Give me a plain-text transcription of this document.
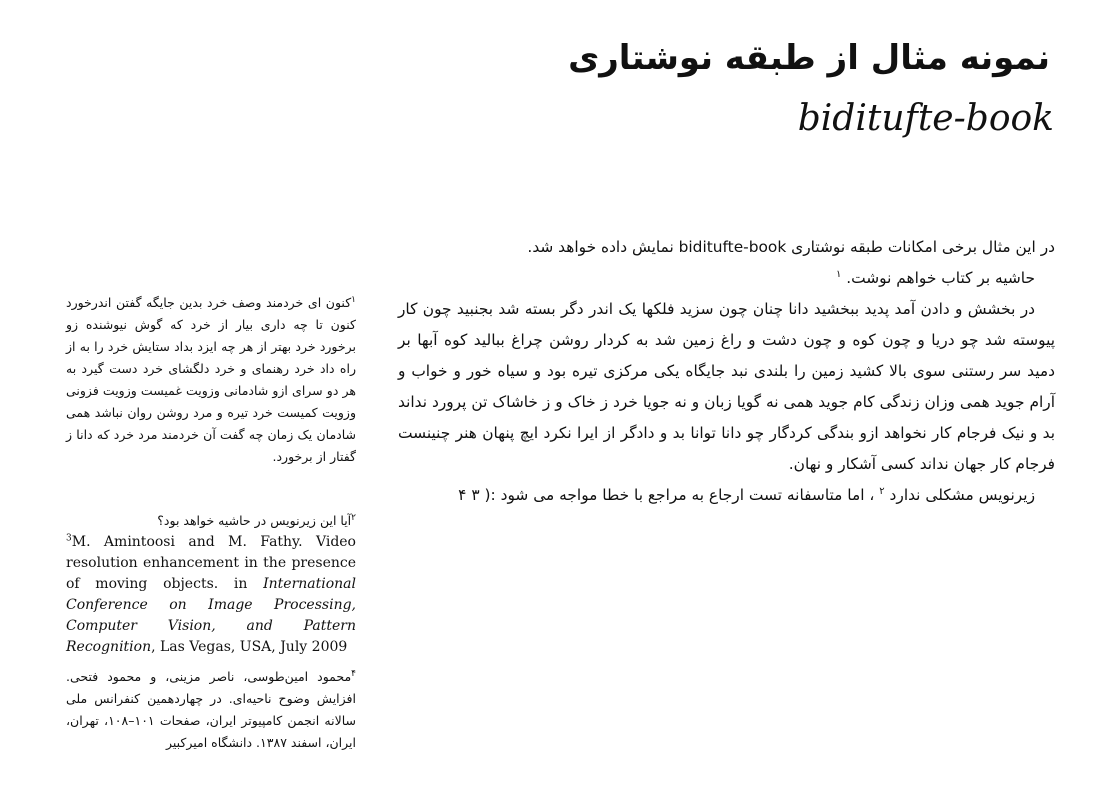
نمونه مثال از طبقه نوشتاری
biditufte-book

در این مثال برخی امکانات طبقه نوشتاری biditufte-book نمایش داده خواهد شد.

حاشیه بر کتاب خواهم نوشت. $^۱$

در بخشش و دادن آمد پدید ببخشید دانا چنان چون سزید فلکها یک اندر دگر بسته شد بجنبید چون کار پیوسته شد چو دریا و چون کوه و چون دشت و راغ زمین شد به کردار روشن چراغ ببالید کوه آبها بر دمید سر رستنی سوی بالا کشید زمین را بلندی نبد جایگاه یکی مرکزی تیره بود و سیاه خور و خواب و آرام جوید همی وزان زندگی کام جوید همی نه گویا زبان و نه جویا خرد ز خاک و ز خاشاک تن پرورد نداند بد و نیک فرجام کار نخواهد ازو بندگی کردگار چو دانا توانا بد و دادگر از ایرا نکرد ایچ پنهان هنر چنینست فرجام کار جهان نداند کسی آشکار و نهان.

زیرنویس مشکلی ندارد $^۲$ ، اما متاسفانه تست ارجاع به مراجع با خطا مواجه می شود :( ۳ ۴

$^۱$کنون ای خردمند وصف خرد بدین جایگه گفتن اندرخورد کنون تا چه داری بیار از خرد که گوش نیوشنده زو برخورد خرد بهتر از هر چه ایزد بداد ستایش خرد را به از راه داد خرد رهنمای و خرد دلگشای خرد دست گیرد به هر دو سرای ازو شادمانی وزویت غمیست وزویت فزونی وزویت کمیست خرد تیره و مرد روشن روان نباشد همی شادمان یک زمان چه گفت آن خردمند مرد خرد که دانا ز گفتار از برخورد.

$^۲$آیا این زیرنویس در حاشیه خواهد بود؟

$^3$M. Amintoosi and M. Fathy. Video resolution enhancement in the presence of moving objects. in International Conference on Image Processing, Computer Vision, and Pattern Recognition, Las Vegas, USA, July 2009

$^۴$محمود امین‌طوسی، ناصر مزینی، و محمود فتحی. افزایش وضوح ناحیه‌ای. در چهاردهمین کنفرانس ملی سالانه انجمن کامپیوتر ایران، صفحات ۱۰۱–۱۰۸، تهران، ایران، اسفند ۱۳۸۷. دانشگاه امیرکبیر
